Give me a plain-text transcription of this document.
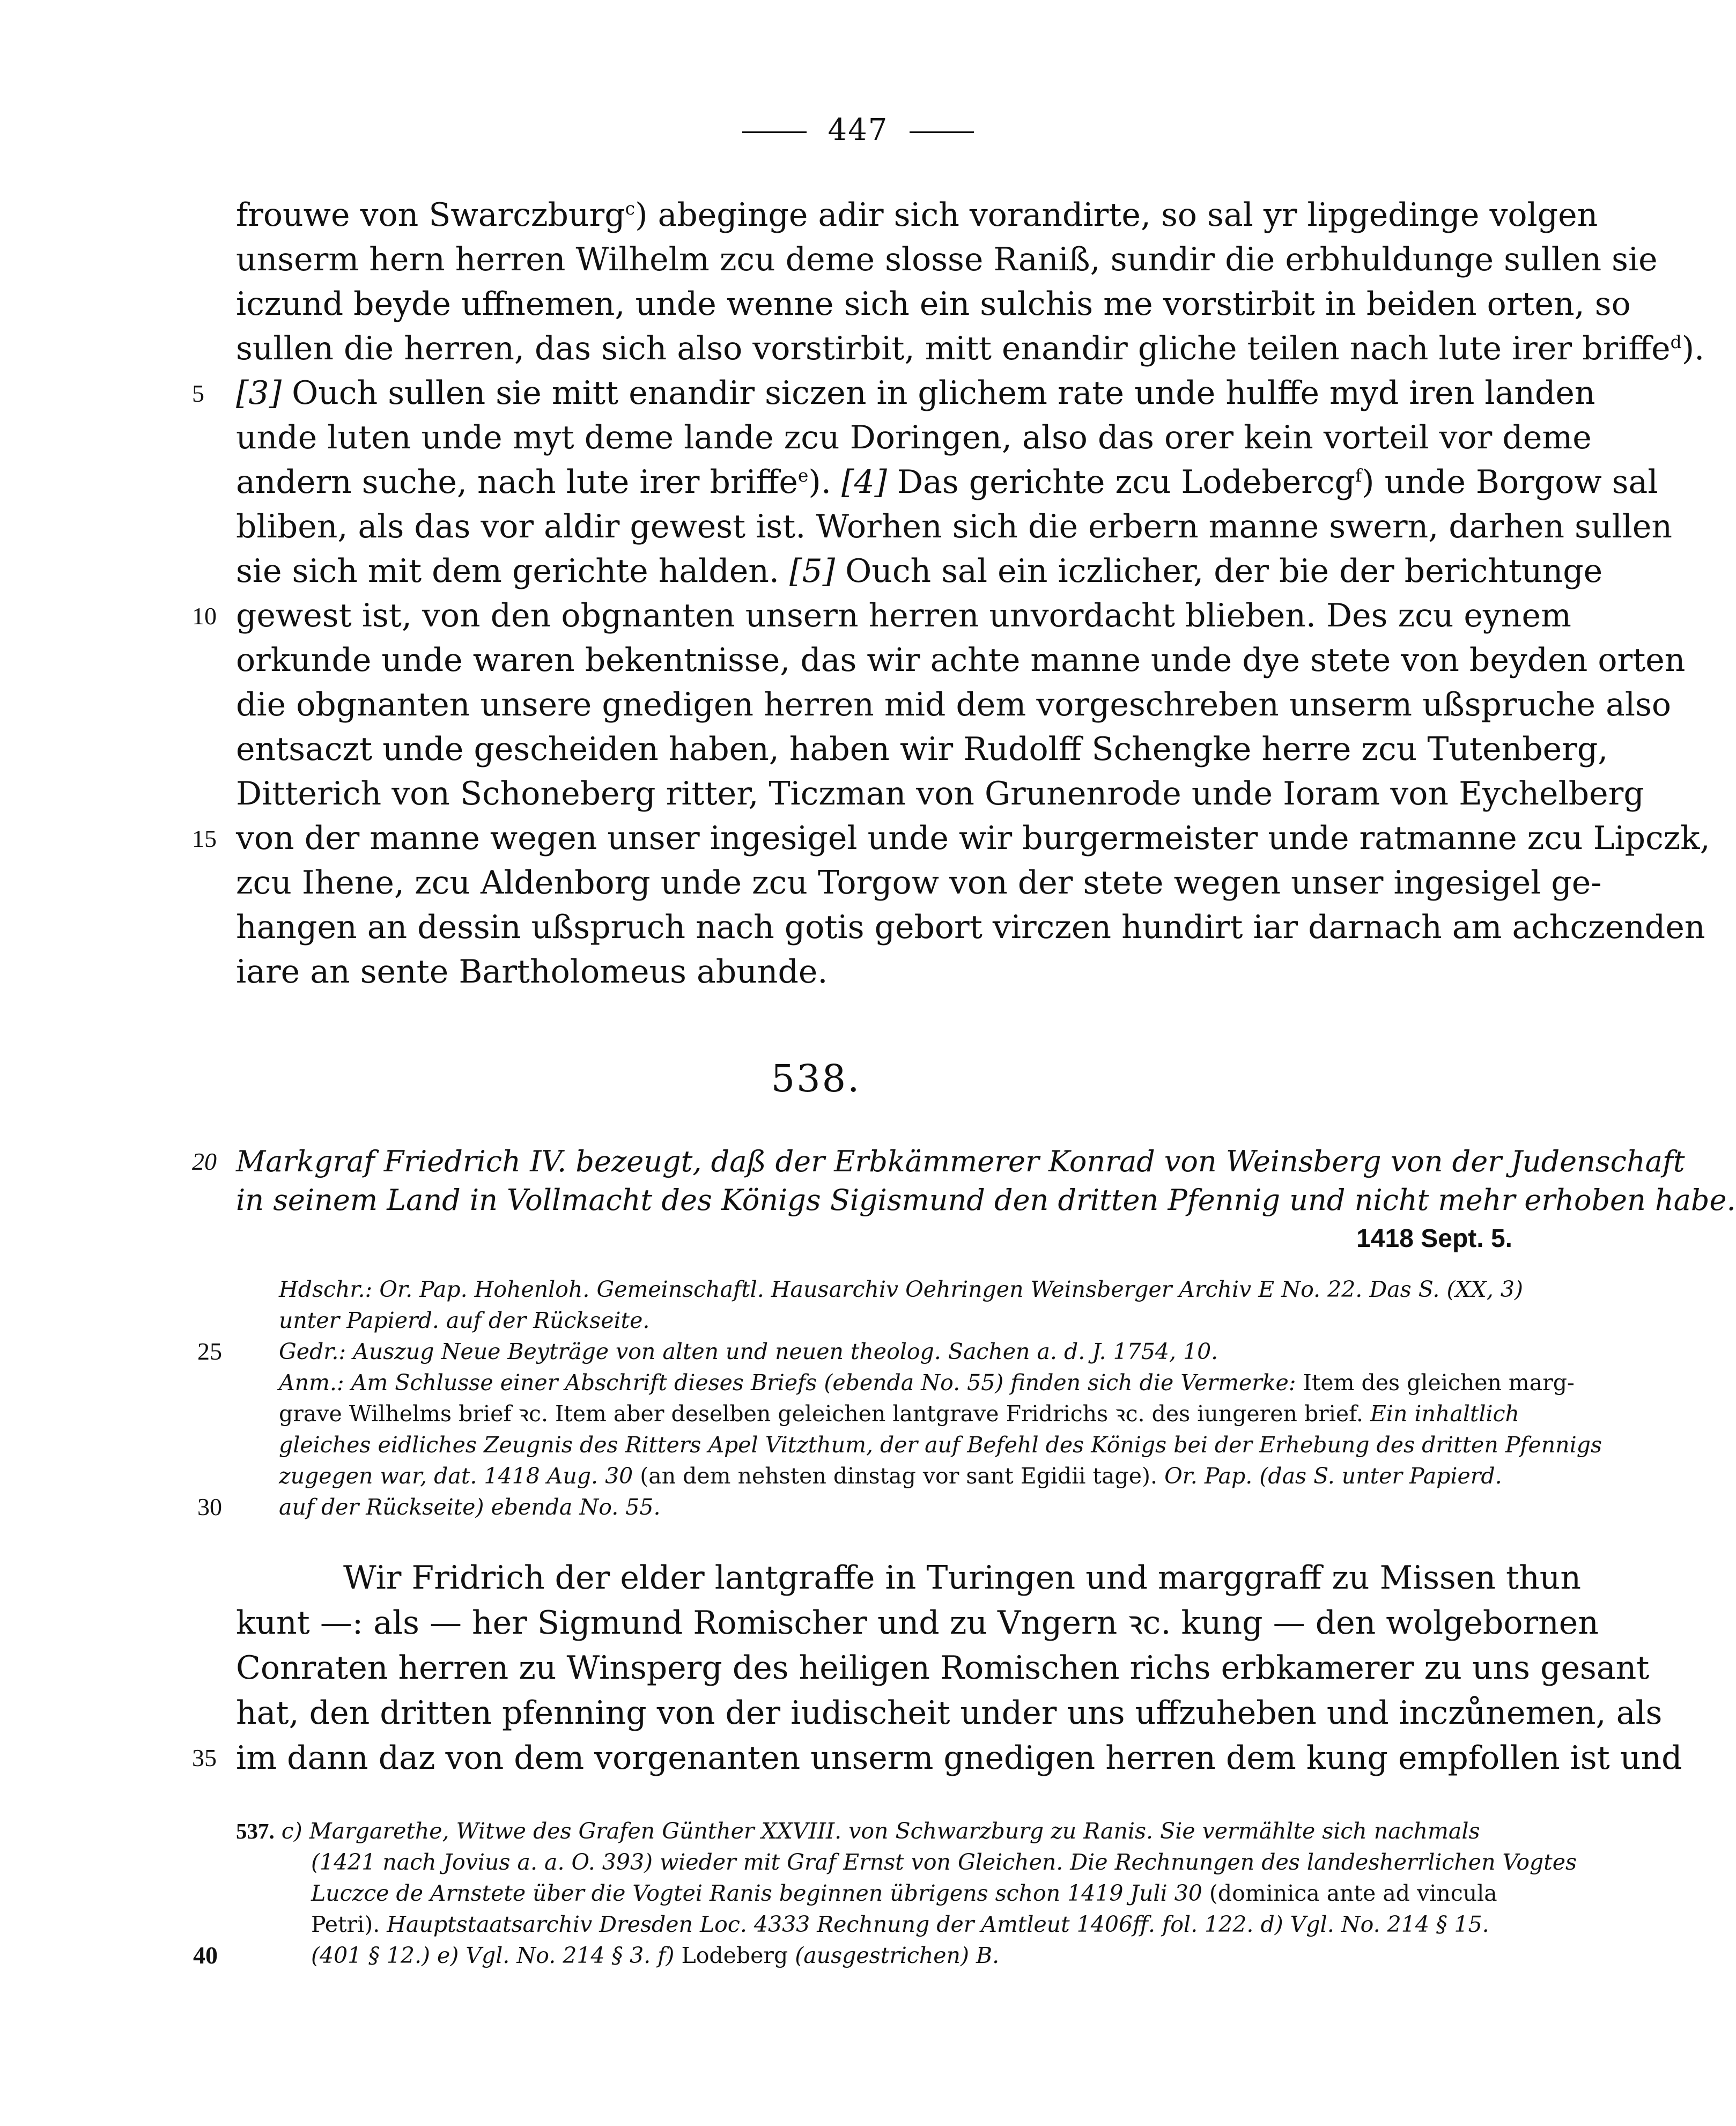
447
frouwe von Swarczburg$^c$) abeginge adir sich vorandirte, so sal yr lipgedinge volgen
unserm hern herren Wilhelm zcu deme slosse Raniß, sundir die erbhuldunge sullen sie
iczund beyde uffnemen, unde wenne sich ein sulchis me vorstirbit in beiden orten, so
sullen die herren, das sich also vorstirbit, mitt enandir gliche teilen nach lute irer briffe$^d$).
5 [3] Ouch sullen sie mitt enandir siczen in glichem rate unde hulffe myd iren landen
unde luten unde myt deme lande zcu Doringen, also das orer kein vorteil vor deme
andern suche, nach lute irer briffe$^e$). [4] Das gerichte zcu Lodebercg$^f$) unde Borgow sal
bliben, als das vor aldir gewest ist. Worhen sich die erbern manne swern, darhen sullen
sie sich mit dem gerichte halden. [5] Ouch sal ein iczlicher, der bie der berichtunge
10 gewest ist, von den obgnanten unsern herren unvordacht blieben. Des zcu eynem
orkunde unde waren bekentnisse, das wir achte manne unde dye stete von beyden orten
die obgnanten unsere gnedigen herren mid dem vorgeschreben unserm ußspruche also
entsaczt unde gescheiden haben, haben wir Rudolff Schengke herre zcu Tutenberg,
Ditterich von Schoneberg ritter, Ticzman von Grunenrode unde Ioram von Eychelberg
15 von der manne wegen unser ingesigel unde wir burgermeister unde ratmanne zcu Lipczk,
zcu Ihene, zcu Aldenborg unde zcu Torgow von der stete wegen unser ingesigel ge-
hangen an dessin ußspruch nach gotis gebort virczen hundirt iar darnach am achczenden
iare an sente Bartholomeus abunde.
538.
20 Markgraf Friedrich IV. bezeugt, daß der Erbkämmerer Konrad von Weinsberg von der Judenschaft
in seinem Land in Vollmacht des Königs Sigismund den dritten Pfennig und nicht mehr erhoben habe.
1418 Sept. 5.
Hdschr.: Or. Pap. Hohenloh. Gemeinschaftl. Hausarchiv Oehringen Weinsberger Archiv E No. 22. Das S. (XX, 3)
unter Papierd. auf der Rückseite.
25	Gedr.: Auszug Neue Beyträge von alten und neuen theolog. Sachen a. d. J. 1754, 10.
Anm.: Am Schlusse einer Abschrift dieses Briefs (ebenda No. 55) finden sich die Vermerke: Item des gleichen marg-
grave Wilhelms brief ꝛc. Item aber deselben geleichen lantgrave Fridrichs ꝛc. des iungeren brief. Ein inhaltlich
gleiches eidliches Zeugnis des Ritters Apel Vitzthum, der auf Befehl des Königs bei der Erhebung des dritten Pfennigs
zugegen war, dat. 1418 Aug. 30 (an dem nehsten dinstag vor sant Egidii tage). Or. Pap. (das S. unter Papierd.
30	auf der Rückseite) ebenda No. 55.
Wir Fridrich der elder lantgraffe in Turingen und marggraff zu Missen thun
kunt —: als — her Sigmund Romischer und zu Vngern ꝛc. kung — den wolgebornen
Conraten herren zu Winsperg des heiligen Romischen richs erbkamerer zu uns gesant
hat, den dritten pfenning von der iudischeit under uns uffzuheben und inczůnemen, als
35 im dann daz von dem vorgenanten unserm gnedigen herren dem kung empfollen ist und
537. c) Margarethe, Witwe des Grafen Günther XXVIII. von Schwarzburg zu Ranis. Sie vermählte sich nachmals
(1421 nach Jovius a. a. O. 393) wieder mit Graf Ernst von Gleichen. Die Rechnungen des landesherrlichen Vogtes
Luczce de Arnstete über die Vogtei Ranis beginnen übrigens schon 1419 Juli 30 (dominica ante ad vincula
Petri). Hauptstaatsarchiv Dresden Loc. 4333 Rechnung der Amtleut 1406ff. fol. 122. d) Vgl. No. 214 § 15.
40	(401 § 12.) e) Vgl. No. 214 § 3. f) Lodeberg (ausgestrichen) B.
